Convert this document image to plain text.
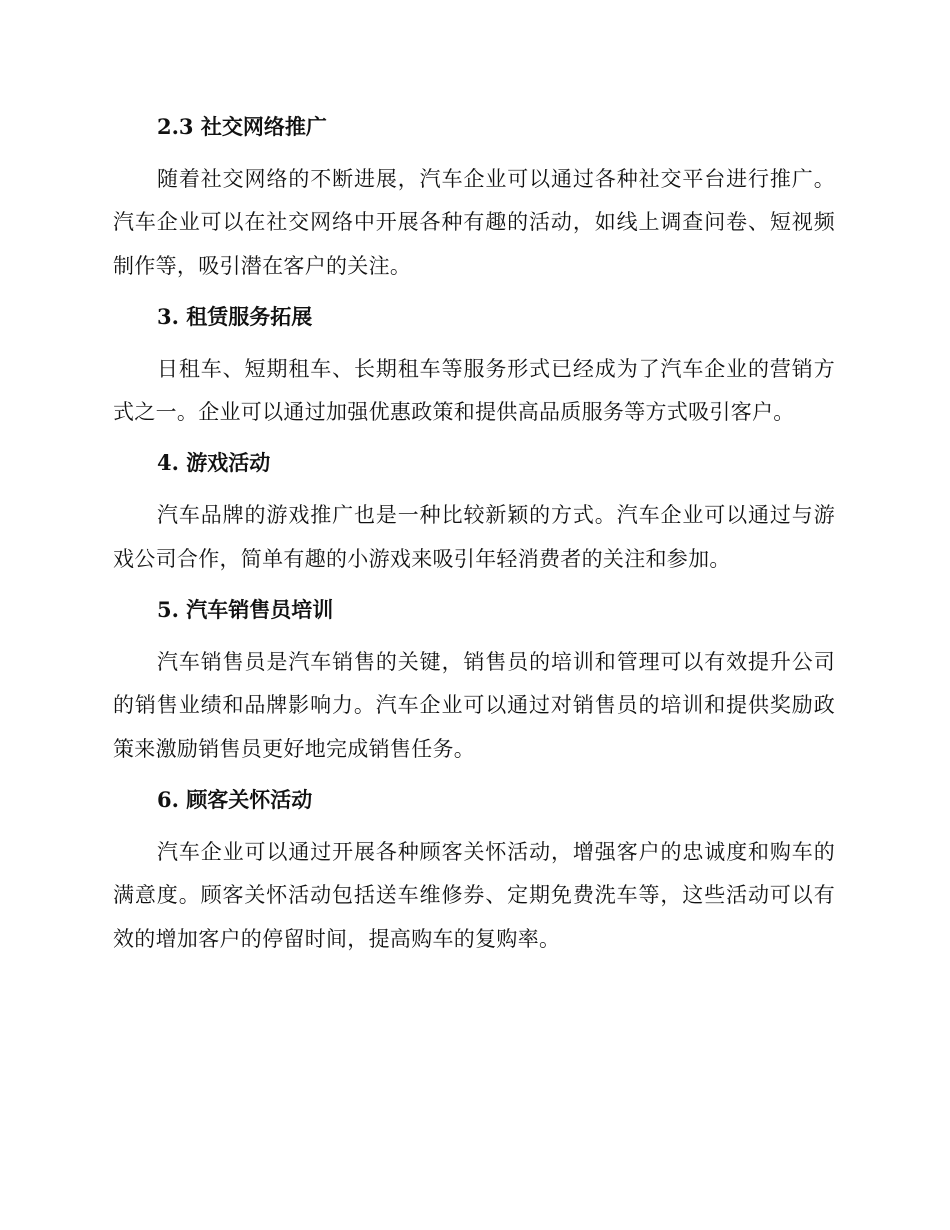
2.3 社交网络推广

随着社交网络的不断进展，汽车企业可以通过各种社交平台进行推广。汽车企业可以在社交网络中开展各种有趣的活动，如线上调查问卷、短视频制作等，吸引潜在客户的关注。

3. 租赁服务拓展

日租车、短期租车、长期租车等服务形式已经成为了汽车企业的营销方式之一。企业可以通过加强优惠政策和提供高品质服务等方式吸引客户。

4. 游戏活动

汽车品牌的游戏推广也是一种比较新颖的方式。汽车企业可以通过与游戏公司合作，简单有趣的小游戏来吸引年轻消费者的关注和参加。

5. 汽车销售员培训

汽车销售员是汽车销售的关键，销售员的培训和管理可以有效提升公司的销售业绩和品牌影响力。汽车企业可以通过对销售员的培训和提供奖励政策来激励销售员更好地完成销售任务。

6. 顾客关怀活动

汽车企业可以通过开展各种顾客关怀活动，增强客户的忠诚度和购车的满意度。顾客关怀活动包括送车维修券、定期免费洗车等，这些活动可以有效的增加客户的停留时间，提高购车的复购率。
